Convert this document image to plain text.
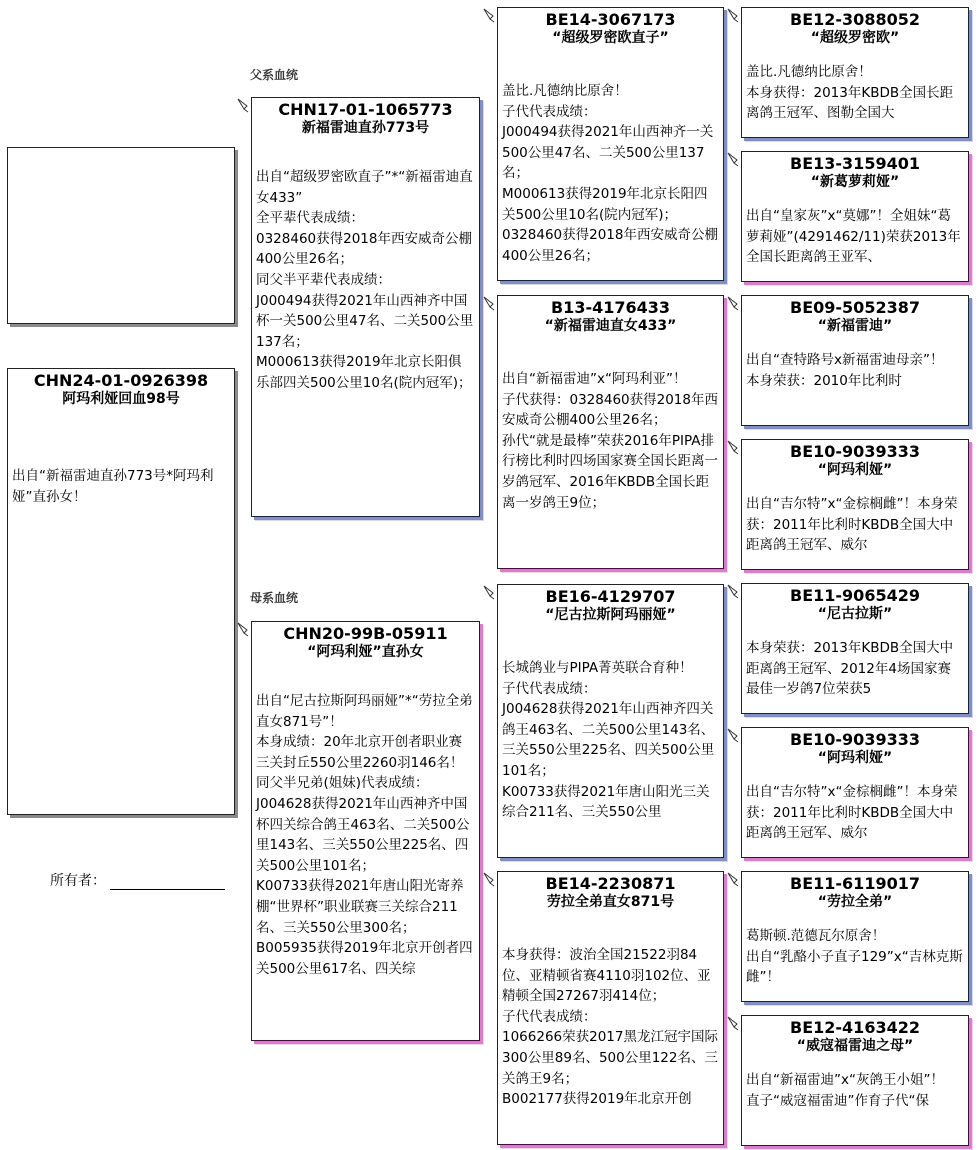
父系血统
母系血统
CHN24-01-0926398
阿玛利娅回血98号
出自“新福雷迪直孙773号*阿玛利娅”直孙女！
所有者：
CHN17-01-1065773
新福雷迪直孙773号
出自“超级罗密欧直子”*“新福雷迪直女433”
全平辈代表成绩：
0328460获得2018年西安威奇公棚400公里26名；
同父半平辈代表成绩：
J000494获得2021年山西神齐中国杯一关500公里47名、二关500公里137名；
M000613获得2019年北京长阳俱乐部四关500公里10名(院内冠军)；
CHN20-99B-05911
“阿玛利娅”直孙女
出自“尼古拉斯阿玛丽娅”*“劳拉全弟直女871号”！
本身成绩：20年北京开创者职业赛三关封丘550公里2260羽146名！
同父半兄弟(姐妹)代表成绩：
J004628获得2021年山西神齐中国杯四关综合鸽王463名、二关500公里143名、三关550公里225名、四关500公里101名；
K00733获得2021年唐山阳光寄养棚“世界杯”职业联赛三关综合211名、三关550公里300名；
B005935获得2019年北京开创者四关500公里617名、四关综
BE14-3067173
“超级罗密欧直子”
盖比.凡德纳比原舍！
子代代表成绩：
J000494获得2021年山西神齐一关500公里47名、二关500公里137名；
M000613获得2019年北京长阳四关500公里10名(院内冠军)；
0328460获得2018年西安威奇公棚400公里26名；
B13-4176433
“新福雷迪直女433”
出自“新福雷迪”x“阿玛利亚”！
子代获得：0328460获得2018年西安威奇公棚400公里26名；
孙代“就是最棒”荣获2016年PIPA排行榜比利时四场国家赛全国长距离一岁鸽冠军、2016年KBDB全国长距离一岁鸽王9位；
BE16-4129707
“尼古拉斯阿玛丽娅”
长城鸽业与PIPA菁英联合育种！
子代代表成绩：
J004628获得2021年山西神齐四关鸽王463名、二关500公里143名、三关550公里225名、四关500公里101名；
K00733获得2021年唐山阳光三关综合211名、三关550公里
BE14-2230871
劳拉全弟直女871号
本身获得：波治全国21522羽84位、亚精顿省赛4110羽102位、亚精顿全国27267羽414位；
子代代表成绩：
1066266荣获2017黑龙江冠宇国际300公里89名、500公里122名、三关鸽王9名；
B002177获得2019年北京开创
BE12-3088052
“超级罗密欧”
盖比.凡德纳比原舍！
本身获得：2013年KBDB全国长距离鸽王冠军、图勒全国大
BE13-3159401
“新葛萝莉娅”
出自“皇家灰”x“莫娜”！全姐妹“葛萝莉娅”(4291462/11)荣获2013年全国长距离鸽王亚军、
BE09-5052387
“新福雷迪”
出自“查特路号x新福雷迪母亲”！
本身荣获：2010年比利时
BE10-9039333
“阿玛利娅”
出自“吉尔特”x“金棕榈雌”！本身荣获：2011年比利时KBDB全国大中距离鸽王冠军、威尔
BE11-9065429
“尼古拉斯”
本身荣获：2013年KBDB全国大中距离鸽王冠军、2012年4场国家赛最佳一岁鸽7位荣获5
BE10-9039333
“阿玛利娅”
出自“吉尔特”x“金棕榈雌”！本身荣获：2011年比利时KBDB全国大中距离鸽王冠军、威尔
BE11-6119017
“劳拉全弟”
葛斯顿.范德瓦尔原舍！
出自“乳酪小子直子129”x“吉林克斯雌”！
BE12-4163422
“威寇福雷迪之母”
出自“新福雷迪”x“灰鸽王小姐”！
直子“威寇福雷迪”作育子代“保
